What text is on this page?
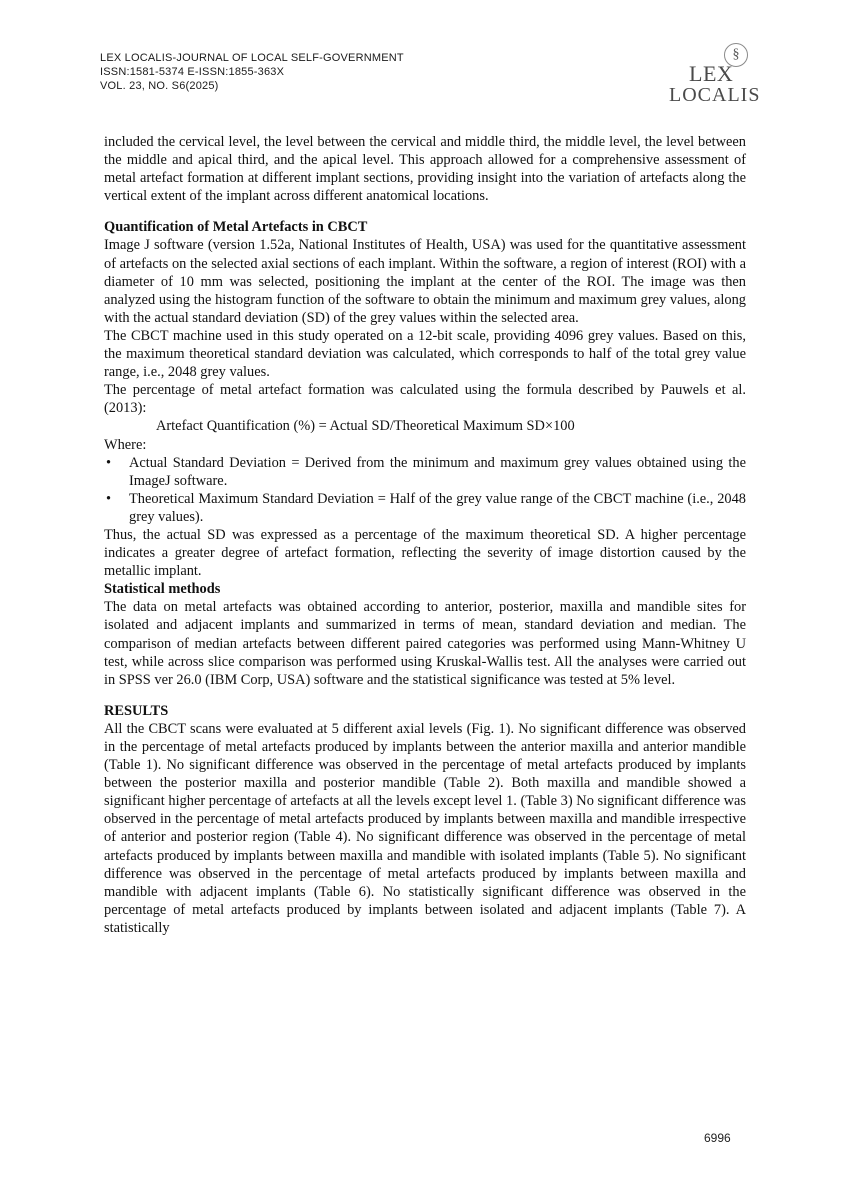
LEX LOCALIS-JOURNAL OF LOCAL SELF-GOVERNMENT
ISSN:1581-5374 E-ISSN:1855-363X
VOL. 23, NO. S6(2025)
§
LEX
LOCALIS

included the cervical level, the level between the cervical and middle third, the middle level, the level between the middle and apical third, and the apical level. This approach allowed for a comprehensive assessment of metal artefact formation at different implant sections, providing insight into the variation of artefacts along the vertical extent of the implant across different anatomical locations.

Quantification of Metal Artefacts in CBCT

Image J software (version 1.52a, National Institutes of Health, USA) was used for the quantitative assessment of artefacts on the selected axial sections of each implant. Within the software, a region of interest (ROI) with a diameter of 10 mm was selected, positioning the implant at the center of the ROI. The image was then analyzed using the histogram function of the software to obtain the minimum and maximum grey values, along with the actual standard deviation (SD) of the grey values within the selected area.

The CBCT machine used in this study operated on a 12-bit scale, providing 4096 grey values. Based on this, the maximum theoretical standard deviation was calculated, which corresponds to half of the total grey value range, i.e., 2048 grey values.

The percentage of metal artefact formation was calculated using the formula described by Pauwels et al. (2013):

Artefact Quantification (%) = Actual SD/Theoretical Maximum SD×100

Where:

• Actual Standard Deviation = Derived from the minimum and maximum grey values obtained using the ImageJ software.
• Theoretical Maximum Standard Deviation = Half of the grey value range of the CBCT machine (i.e., 2048 grey values).

Thus, the actual SD was expressed as a percentage of the maximum theoretical SD. A higher percentage indicates a greater degree of artefact formation, reflecting the severity of image distortion caused by the metallic implant.

Statistical methods

The data on metal artefacts was obtained according to anterior, posterior, maxilla and mandible sites for isolated and adjacent implants and summarized in terms of mean, standard deviation and median. The comparison of median artefacts between different paired categories was performed using Mann-Whitney U test, while across slice comparison was performed using Kruskal-Wallis test. All the analyses were carried out in SPSS ver 26.0 (IBM Corp, USA) software and the statistical significance was tested at 5% level.

RESULTS

All the CBCT scans were evaluated at 5 different axial levels (Fig. 1). No significant difference was observed in the percentage of metal artefacts produced by implants between the anterior maxilla and anterior mandible (Table 1). No significant difference was observed in the percentage of metal artefacts produced by implants between the posterior maxilla and posterior mandible (Table 2). Both maxilla and mandible showed a significant higher percentage of artefacts at all the levels except level 1. (Table 3) No significant difference was observed in the percentage of metal artefacts produced by implants between maxilla and mandible irrespective of anterior and posterior region (Table 4). No significant difference was observed in the percentage of metal artefacts produced by implants between maxilla and mandible with isolated implants (Table 5). No significant difference was observed in the percentage of metal artefacts produced by implants between maxilla and mandible with adjacent implants (Table 6). No statistically significant difference was observed in the percentage of metal artefacts produced by implants between isolated and adjacent implants (Table 7). A statistically

6996
